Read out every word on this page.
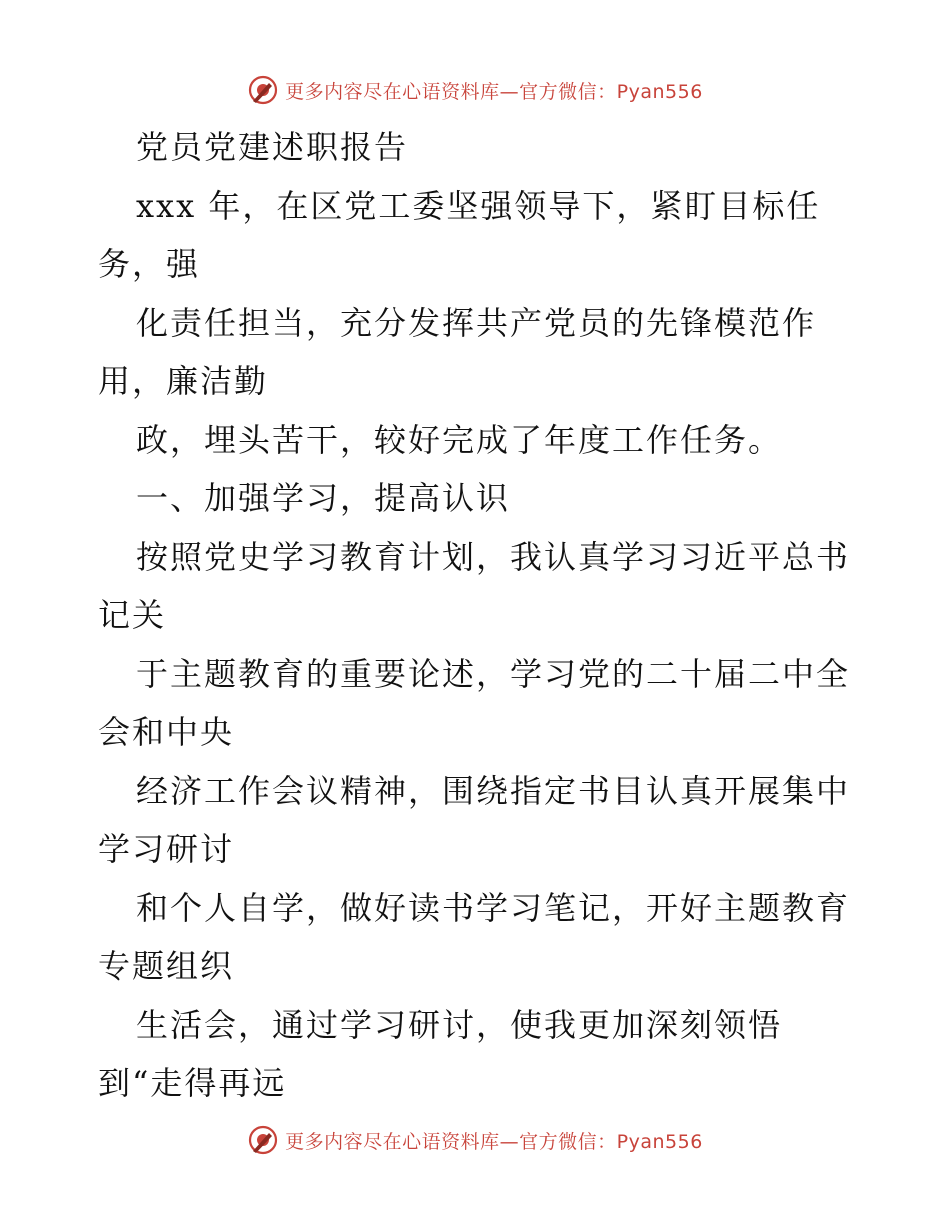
更多内容尽在心语资料库—官方微信：Pyan556
党员党建述职报告
xxx 年，在区党工委坚强领导下，紧盯目标任
务，强
化责任担当，充分发挥共产党员的先锋模范作
用，廉洁勤
政，埋头苦干，较好完成了年度工作任务。
一、加强学习，提高认识
按照党史学习教育计划，我认真学习习近平总书
记关
于主题教育的重要论述，学习党的二十届二中全
会和中央
经济工作会议精神，围绕指定书目认真开展集中
学习研讨
和个人自学，做好读书学习笔记，开好主题教育
专题组织
生活会，通过学习研讨，使我更加深刻领悟
到“走得再远
更多内容尽在心语资料库—官方微信：Pyan556
